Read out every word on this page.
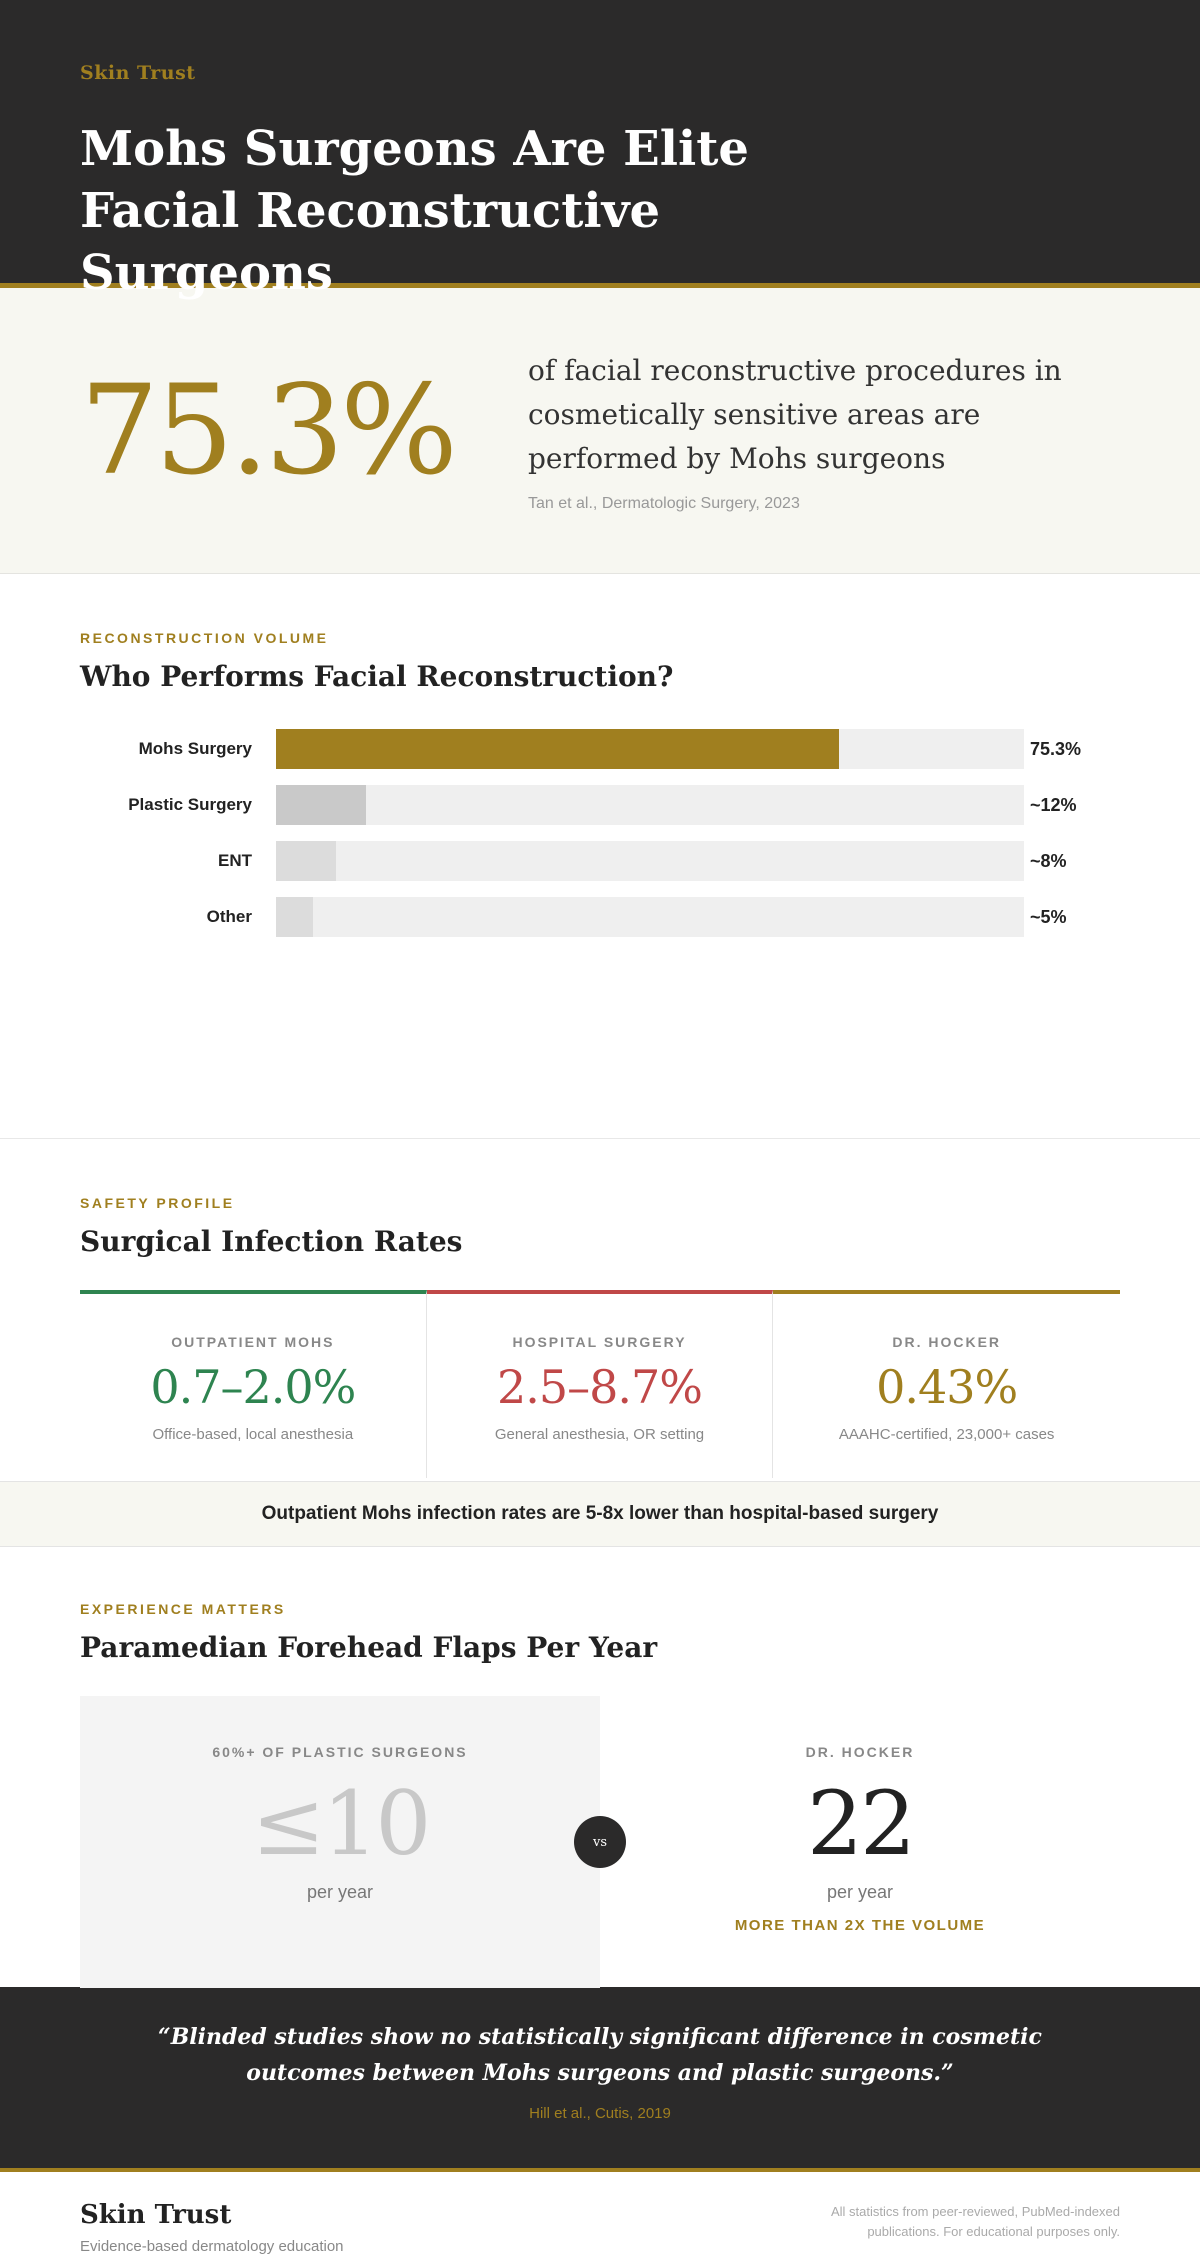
Skin Trust
Mohs Surgeons Are Elite Facial Reconstructive Surgeons
75.3%	of facial reconstructive procedures in cosmetically sensitive areas are performed by Mohs surgeons
Tan et al., Dermatologic Surgery, 2023
RECONSTRUCTION VOLUME
Who Performs Facial Reconstruction?
Mohs Surgery	75.3%
Plastic Surgery	~12%
ENT	~8%
Other	~5%
SAFETY PROFILE
Surgical Infection Rates
OUTPATIENT MOHS
0.7–2.0%
Office-based, local anesthesia
HOSPITAL SURGERY
2.5–8.7%
General anesthesia, OR setting
DR. HOCKER
0.43%
AAAHC-certified, 23,000+ cases
Outpatient Mohs infection rates are 5-8x lower than hospital-based surgery
EXPERIENCE MATTERS
Paramedian Forehead Flaps Per Year
60%+ OF PLASTIC SURGEONS
≤10
per year
vs
DR. HOCKER
22
per year
MORE THAN 2X THE VOLUME
“Blinded studies show no statistically significant difference in cosmetic outcomes between Mohs surgeons and plastic surgeons.”
Hill et al., Cutis, 2019
Skin Trust
Evidence-based dermatology education
All statistics from peer-reviewed, PubMed-indexed publications. For educational purposes only.
